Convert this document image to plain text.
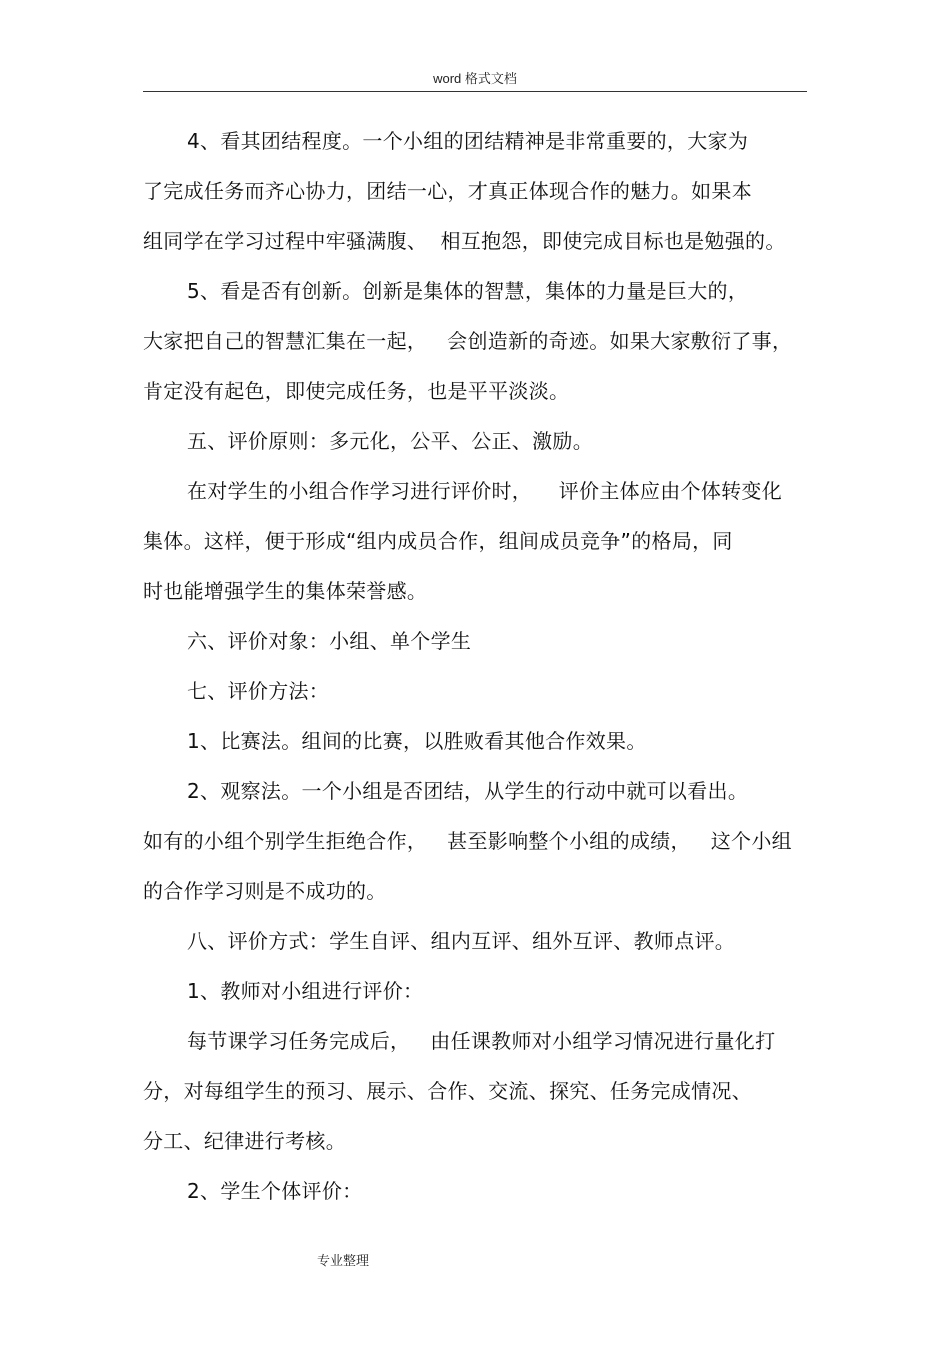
word 格式文档
4、看其团结程度。一个小组的团结精神是非常重要的，大家为
了完成任务而齐心协力，团结一心，才真正体现合作的魅力。如果本
组同学在学习过程中牢骚满腹、  相互抱怨，即使完成目标也是勉强的。
5、看是否有创新。创新是集体的智慧，集体的力量是巨大的，
大家把自己的智慧汇集在一起，   会创造新的奇迹。如果大家敷衍了事，
肯定没有起色，即使完成任务，也是平平淡淡。
五、评价原则：多元化，公平、公正、激励。
在对学生的小组合作学习进行评价时，    评价主体应由个体转变化
集体。这样，便于形成“组内成员合作，组间成员竞争”的格局，同
时也能增强学生的集体荣誉感。
六、评价对象：小组、单个学生
七、评价方法：
1、比赛法。组间的比赛，以胜败看其他合作效果。
2、观察法。一个小组是否团结，从学生的行动中就可以看出。
如有的小组个别学生拒绝合作，   甚至影响整个小组的成绩，   这个小组
的合作学习则是不成功的。
八、评价方式：学生自评、组内互评、组外互评、教师点评。
1、教师对小组进行评价：
每节课学习任务完成后，   由任课教师对小组学习情况进行量化打
分，对每组学生的预习、展示、合作、交流、探究、任务完成情况、
分工、纪律进行考核。
2、学生个体评价：
专业整理
